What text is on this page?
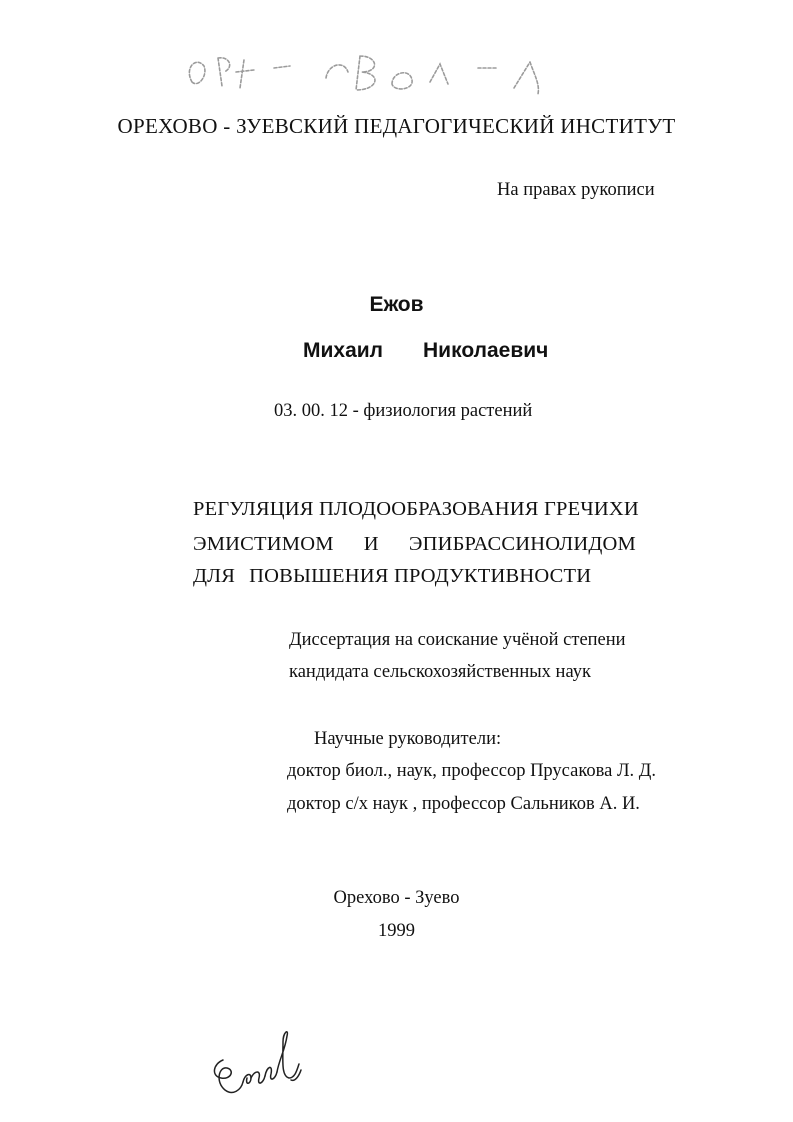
ОРЕХОВО - ЗУЕВСКИЙ ПЕДАГОГИЧЕСКИЙ ИНСТИТУТ
На правах рукописи
Ежов
Михаил Николаевич
03. 00. 12 - физиология растений
РЕГУЛЯЦИЯ ПЛОДООБРАЗОВАНИЯ ГРЕЧИХИ
ЭМИСТИМОМ И ЭПИБРАССИНОЛИДОМ
ДЛЯ ПОВЫШЕНИЯ ПРОДУКТИВНОСТИ
Диссертация на соискание учёной степени
кандидата сельскохозяйственных наук
Научные руководители:
доктор биол., наук, профессор Прусакова Л. Д.
доктор с/х наук , профессор Сальников А. И.
Орехово - Зуево
1999
